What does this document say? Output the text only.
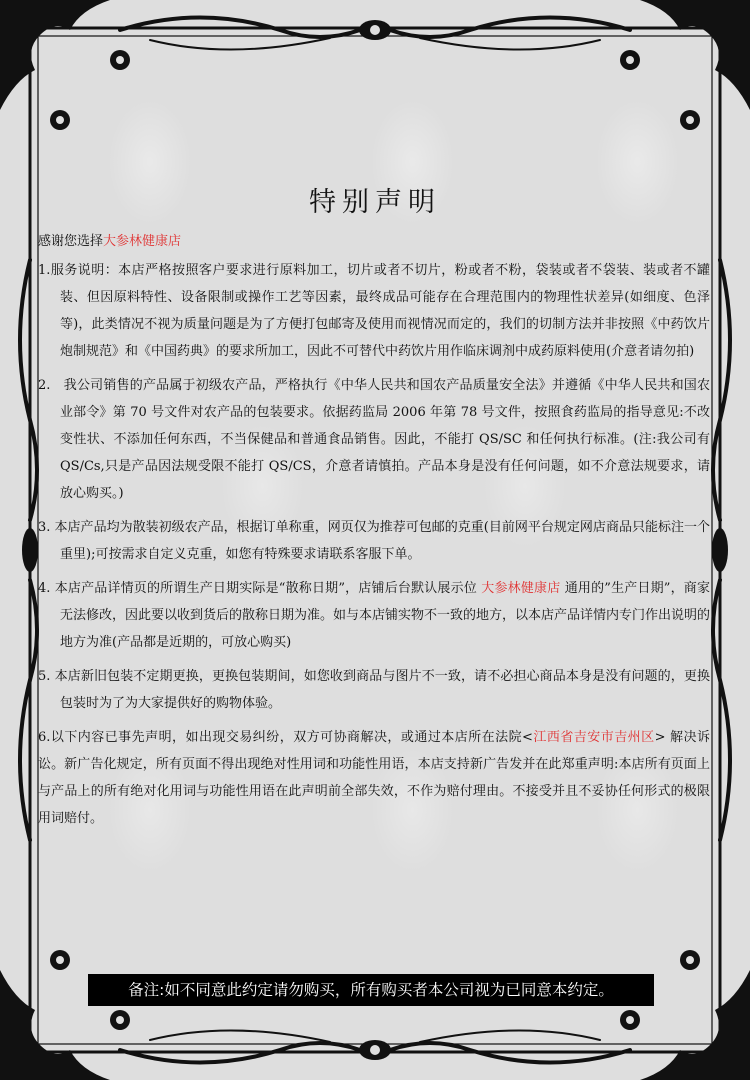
特别声明

感谢您选择大参林健康店

1.服务说明：本店严格按照客户要求进行原料加工，切片或者不切片，粉或者不粉，袋装或者不袋装、装或者不罐装、但因原料特性、设备限制或操作工艺等因素，最终成品可能存在合理范围内的物理性状差异(如细度、色泽等)，此类情况不视为质量问题是为了方便打包邮寄及使用而视情况而定的，我们的切制方法并非按照《中药饮片炮制规范》和《中国药典》的要求所加工，因此不可替代中药饮片用作临床调剂中成药原料使用(介意者请勿拍)

2.　我公司销售的产品属于初级农产品，严格执行《中华人民共和国农产品质量安全法》并遵循《中华人民共和国农业部令》第 70 号文件对农产品的包装要求。依据药监局 2006 年第 78 号文件，按照食药监局的指导意见:不改变性状、不添加任何东西，不当保健品和普通食品销售。因此，不能打 QS/SC 和任何执行标准。(注:我公司有 QS/Cs,只是产品因法规受限不能打 QS/CS，介意者请慎拍。产品本身是没有任何问题，如不介意法规要求，请放心购买。)

3. 本店产品均为散装初级农产品，根据订单称重，网页仅为推荐可包邮的克重(目前网平台规定网店商品只能标注一个重里);可按需求自定义克重，如您有特殊要求请联系客服下单。

4. 本店产品详情页的所谓生产日期实际是“散称日期”，店铺后台默认展示位 大参林健康店 通用的”生产日期”，商家无法修改，因此要以收到货后的散称日期为准。如与本店铺实物不一致的地方，以本店产品详情内专门作出说明的地方为准(产品都是近期的，可放心购买)

5. 本店新旧包装不定期更换，更换包装期间，如您收到商品与图片不一致，请不必担心商品本身是没有问题的，更换包装时为了为大家提供好的购物体验。

6.以下内容已事先声明，如出现交易纠纷，双方可协商解决，或通过本店所在法院<江西省吉安市吉州区> 解决诉讼。新广告化规定，所有页面不得出现绝对性用词和功能性用语，本店支持新广告发并在此郑重声明:本店所有页面上与产品上的所有绝对化用词与功能性用语在此声明前全部失效，不作为赔付理由。不接受并且不妥协任何形式的极限用词赔付。

备注:如不同意此约定请勿购买，所有购买者本公司视为已同意本约定。
